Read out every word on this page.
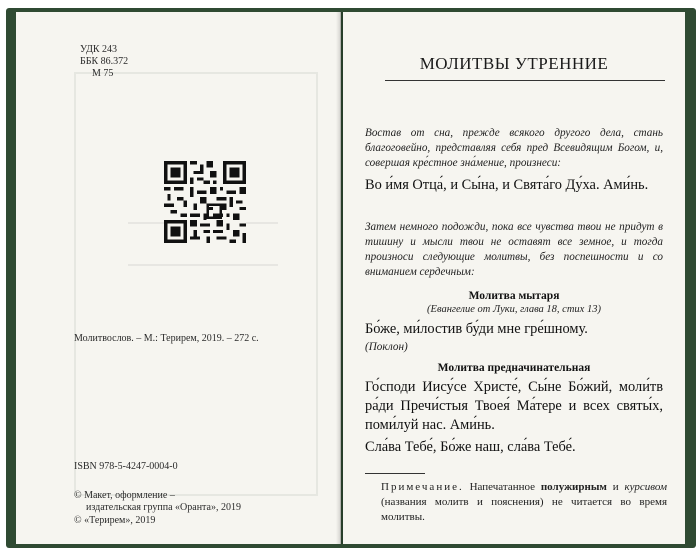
УДК 243
ББК 86.372
М 75
Молитвослов. – М.: Терирем, 2019. – 272 с.
ISBN 978-5-4247-0004-0
© Макет, оформление –
издательская группа «Оранта», 2019
© «Терирем», 2019
МОЛИТВЫ УТРЕННИЕ
Востав от сна, прежде всякого другого дела, стань благоговейно, представляя себя пред Всевидящим Богом, и, совершая кре́стное зна́мение, произнеси:
Во и́мя Отца́, и Сы́на, и Свята́го Ду́ха. Ами́нь.
Затем немного подожди, пока все чувства твои не придут в тишину и мысли твои не оставят все земное, и тогда произноси следующие молитвы, без поспешности и со вниманием сердечным:
Молитва мытаря
(Евангелие от Луки, глава 18, стих 13)
Бо́же, ми́лостив бу́ди мне гре́шному.
(Поклон)
Молитва предначинательная
Го́споди Иису́се Христе́, Сы́не Бо́жий, моли́тв ра́ди Пречи́стыя Твоея́ Ма́тере и всех святы́х, поми́луй нас. Ами́нь.
Сла́ва Тебе́, Бо́же наш, сла́ва Тебе́.
Примечание. Напечатанное полужирным и курсивом (названия молитв и пояснения) не читается во время молитвы.
